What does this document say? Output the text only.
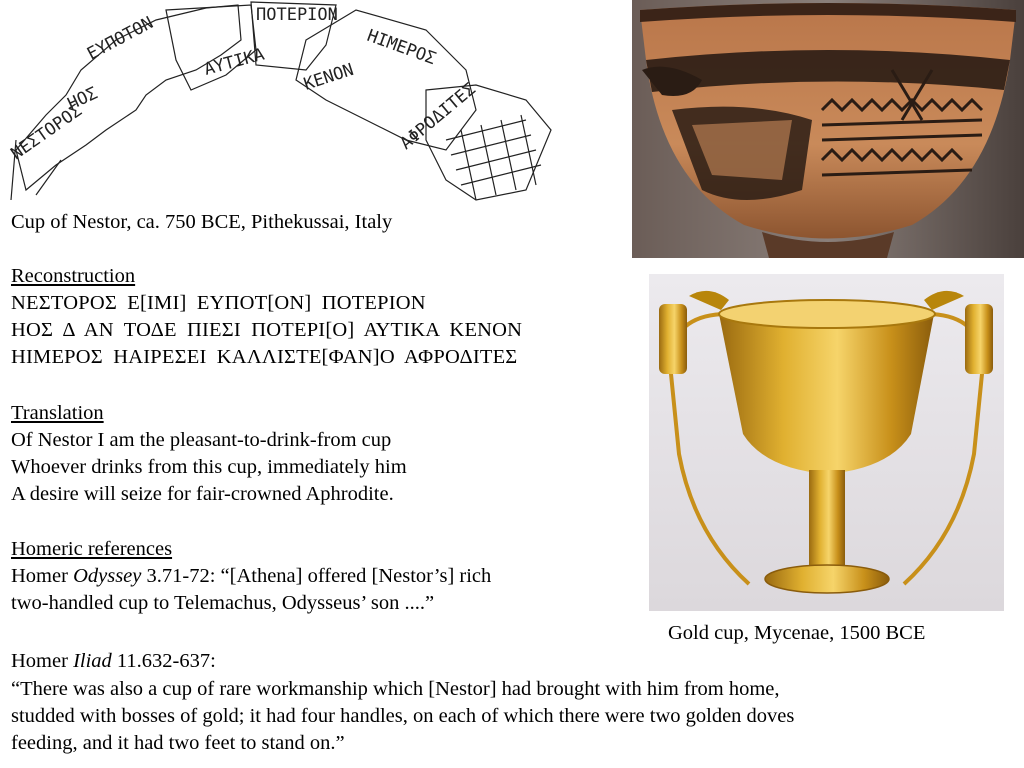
ΝΕΣΤΟΡΟΣ
ΕΥΠΟΤΟΝ	ΠΟΤΕΡΙΟΝ
ΗΟΣ
ΑΥΤΙΚΑ ΚΕΝΟΝ
ΗΙΜΕΡΟΣ
ΑΦΡΟΔΙΤΕΣ
Cup of Nestor, ca. 750 BCE, Pithekussai, Italy
Reconstruction
ΝΕΣΤΟΡΟΣ Ε[ΙΜΙ] ΕΥΠΟΤ[ΟΝ] ΠΟΤΕΡΙΟΝ
ΗΟΣ Δ ΑΝ ΤΟΔΕ ΠΙΕΣΙ ΠΟΤΕΡΙ[Ο] ΑΥΤΙΚΑ ΚΕΝΟΝ
ΗΙΜΕΡΟΣ ΗΑΙΡΕΣΕΙ ΚΑΛΛΙΣΤΕ[ΦΑΝ]Ο ΑΦΡΟΔΙΤΕΣ
Translation
Of Nestor I am the pleasant-to-drink-from cup
Whoever drinks from this cup, immediately him
A desire will seize for fair-crowned Aphrodite.
Homeric references
Homer Odyssey 3.71-72: “[Athena] offered [Nestor’s] rich
two-handled cup to Telemachus, Odysseus’ son ....”
Gold cup, Mycenae, 1500 BCE
Homer Iliad 11.632-637:
“There was also a cup of rare workmanship which [Nestor] had brought with him from home,
studded with bosses of gold; it had four handles, on each of which there were two golden doves
feeding, and it had two feet to stand on.”
